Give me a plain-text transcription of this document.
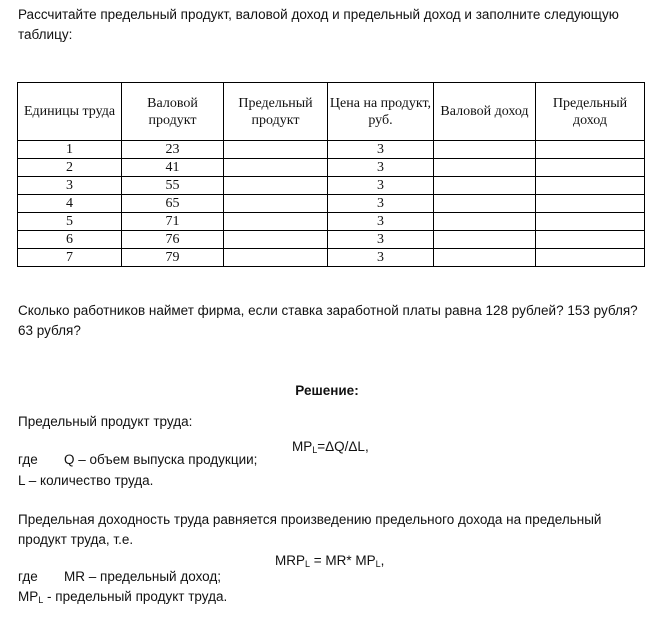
Рассчитайте предельный продукт, валовой доход и предельный доход и заполните следующую таблицу:

Единицы труда	Валовой продукт	Предельный продукт	Цена на продукт, руб.	Валовой доход	Предельный доход
1	23		3		
2	41		3		
3	55		3		
4	65		3		
5	71		3		
6	76		3		
7	79		3		

Сколько работников наймет фирма, если ставка заработной платы равна 128 рублей? 153 рубля? 63 рубля?

Решение:

Предельный продукт труда:

$MP_L=\Delta Q/\Delta L$,

где Q – объем выпуска продукции;

L – количество труда.

Предельная доходность труда равняется произведению предельного дохода на предельный продукт труда, т.е.

$MRP_L = MR*$ $MP_L$,

где MR – предельный доход;

$MP_L$ - предельный продукт труда.
